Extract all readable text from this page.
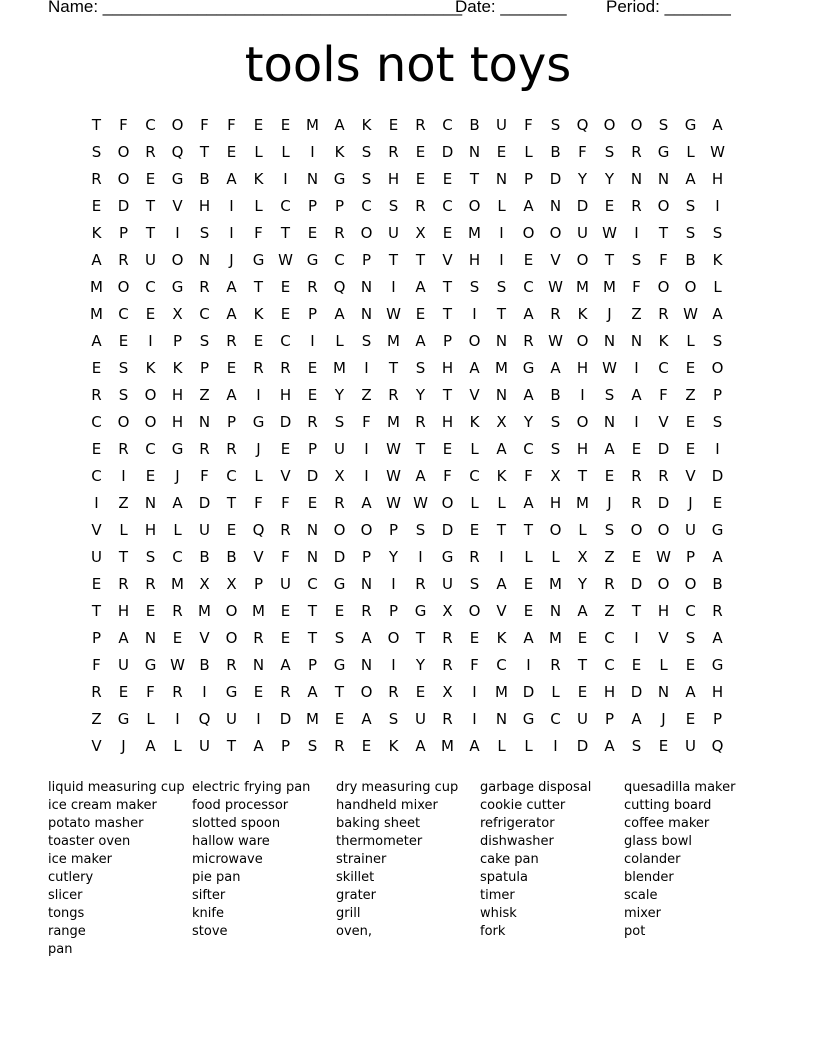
Name: ______________________________________
Date: _______ Period: _______
tools not toys
T	F	C	O	F	F	E	E	M	A	K	E	R	C	B	U	F	S	Q	O	O	S	G	A
S	O	R	Q	T	E	L	L	I	K	S	R	E	D	N	E	L	B	F	S	R	G	L	W
R	O	E	G	B	A	K	I	N	G	S	H	E	E	T	N	P	D	Y	Y	N	N	A	H
E	D	T	V	H	I	L	C	P	P	C	S	R	C	O	L	A	N	D	E	R	O	S	I
K	P	T	I	S	I	F	T	E	R	O	U	X	E	M	I	O	O	U W	I	T	S	S
A	R	U	O	N	J	G W G	C	P	T	T	V	H	I	E	V	O	T	S	F	B	K
M O	C	G	R	A	T	E	R	Q	N	I	A	T	S	S	C W M M	F	O	O	L
M	C	E	X	C	A	K	E	P	A	N W E	T	I	T	A	R	K	J	Z	R W A
A	E	I	P	S	R	E	C	I	L	S	M	A	P	O	N	R W O	N	N	K	L	S
E	S	K	K	P	E	R	R	E	M	I	T	S	H	A	M G	A	H W	I	C	E	O
R	S	O	H	Z	A	I	H	E	Y	Z	R	Y	T	V	N	A	B	I	S	A	F	Z	P
C	O	O	H	N	P	G	D	R	S	F	M	R	H	K	X	Y	S	O	N	I	V	E	S
E	R	C	G	R	R	J	E	P	U	I	W T	E	L	A	C	S	H	A	E	D	E	I
C	I	E	J	F	C	L	V	D	X	I	W A	F	C	K	F	X	T	E	R	R	V	D
I	Z	N	A	D	T	F	F	E	R	A W W O	L	L	A	H M	J	R	D	J	E
V	L	H	L	U	E	Q	R	N	O	O	P	S	D	E	T	T	O	L	S	O	O	U	G
U	T	S	C	B	B	V	F	N	D	P	Y	I	G	R	I	L	L	X	Z	E W	P	A
E	R	R	M	X	X	P	U	C	G	N	I	R	U	S	A	E	M	Y	R	D	O	O	B
T	H	E	R	M O M	E	T	E	R	P	G	X	O	V	E	N	A	Z	T	H	C	R
P	A	N	E	V	O	R	E	T	S	A	O	T	R	E	K	A	M	E	C	I	V	S	A
F	U	G W B	R	N	A	P	G	N	I	Y	R	F	C	I	R	T	C	E	L	E	G
R	E	F	R	I	G	E	R	A	T	O	R	E	X	I	M D	L	E	H	D	N	A	H
Z	G	L	I	Q	U	I	D M	E	A	S	U	R	I	N	G	C	U	P	A	J	E	P
V	J	A	L	U	T	A	P	S	R	E	K	A	M	A	L	L	I	D	A	S	E	U	Q
liquid measuring cup
ice cream maker
potato masher
toaster oven
ice maker
cutlery
slicer
tongs
range
pan
electric frying pan
food processor
slotted spoon
hallow ware
microwave
pie pan
sifter
knife
stove
dry measuring cup
handheld mixer
baking sheet
thermometer
strainer
skillet
grater
grill
oven,
garbage disposal
cookie cutter
refrigerator
dishwasher
cake pan
spatula
timer
whisk
fork
quesadilla maker
cutting board
coffee maker
glass bowl
colander
blender
scale
mixer
pot
